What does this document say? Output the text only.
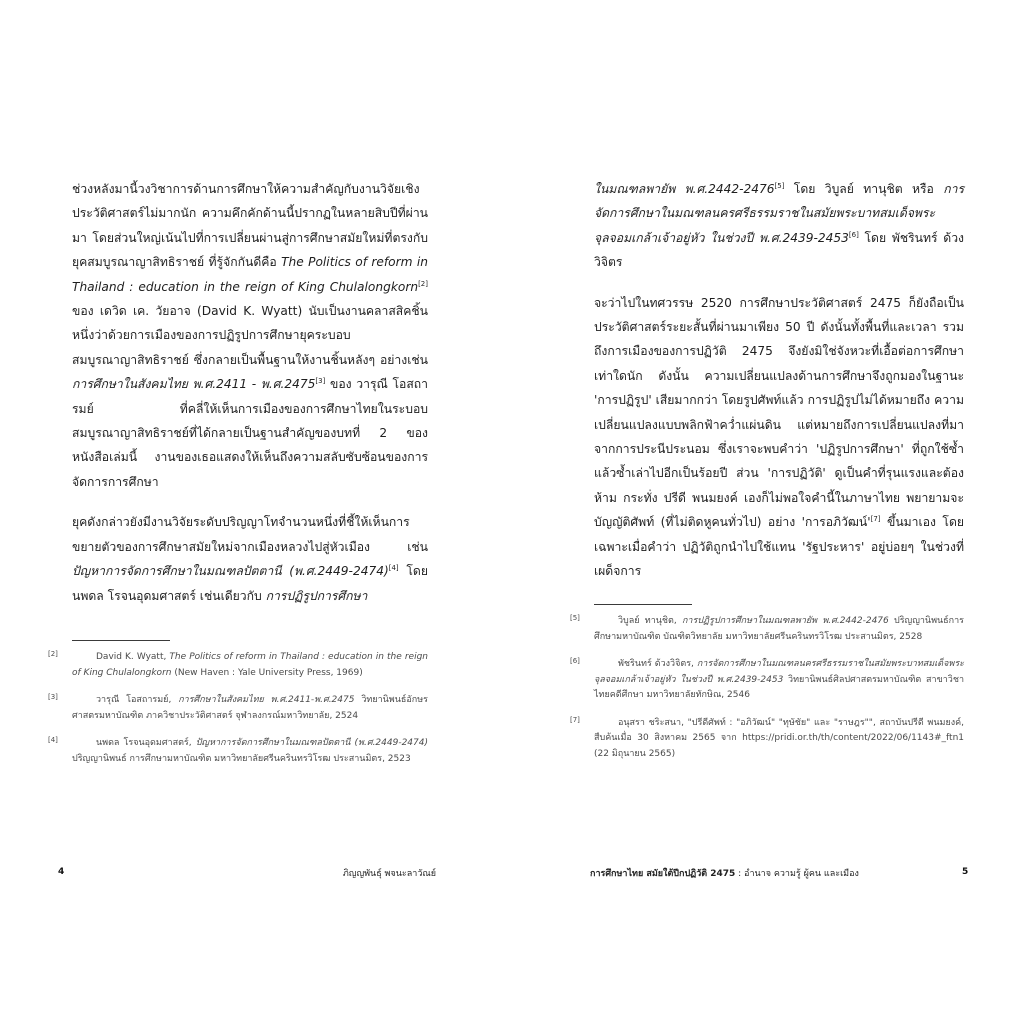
ช่วงหลังมานี้วงวิชาการด้านการศึกษาให้ความสำคัญกับงานวิจัยเชิงประวัติศาสตร์ไม่มากนัก ความคึกคักด้านนี้ปรากฏในหลายสิบปีที่ผ่านมา โดยส่วนใหญ่เน้นไปที่การเปลี่ยนผ่านสู่การศึกษาสมัยใหม่ที่ตรงกับยุคสมบูรณาญาสิทธิราชย์ ที่รู้จักกันดีคือ The Politics of reform in Thailand : education in the reign of King Chulalongkorn[2] ของ เดวิด เค. วัยอาจ (David K. Wyatt) นับเป็นงานคลาสสิคชิ้นหนึ่งว่าด้วยการเมืองของการปฏิรูปการศึกษายุคระบอบสมบูรณาญาสิทธิราชย์ ซึ่งกลายเป็นพื้นฐานให้งานชิ้นหลังๆ อย่างเช่น การศึกษาในสังคมไทย พ.ศ.2411 - พ.ศ.2475[3] ของ วารุณี โอสถารมย์ ที่คลี่ให้เห็นการเมืองของการศึกษาไทยในระบอบสมบูรณาญาสิทธิราชย์ที่ได้กลายเป็นฐานสำคัญของบทที่ 2 ของหนังสือเล่มนี้ งานของเธอแสดงให้เห็นถึงความสลับซับซ้อนของการจัดการการศึกษา

ยุคดังกล่าวยังมีงานวิจัยระดับปริญญาโทจำนวนหนึ่งที่ชี้ให้เห็นการขยายตัวของการศึกษาสมัยใหม่จากเมืองหลวงไปสู่หัวเมือง เช่น ปัญหาการจัดการศึกษาในมณฑลปัตตานี (พ.ศ.2449-2474)[4] โดย นพดล โรจนอุดมศาสตร์ เช่นเดียวกับ การปฏิรูปการศึกษา

[2]	David K. Wyatt, The Politics of reform in Thailand : education in the reign of King Chulalongkorn (New Haven : Yale University Press, 1969)
[3]	วารุณี โอสถารมย์, การศึกษาในสังคมไทย พ.ศ.2411-พ.ศ.2475 วิทยานิพนธ์อักษรศาสตรมหาบัณฑิต ภาควิชาประวัติศาสตร์ จุฬาลงกรณ์มหาวิทยาลัย, 2524
[4]	นพดล โรจนอุดมศาสตร์, ปัญหาการจัดการศึกษาในมณฑลปัตตานี (พ.ศ.2449-2474) ปริญญานิพนธ์ การศึกษามหาบัณฑิต มหาวิทยาลัยศรีนครินทรวิโรฒ ประสานมิตร, 2523
4	ภิญญพันธุ์ พจนะลาวัณย์

ในมณฑลพายัพ พ.ศ.2442-2476[5] โดย วิบูลย์ ทานุชิต หรือ การจัดการศึกษาในมณฑลนครศรีธรรมราชในสมัยพระบาทสมเด็จพระจุลจอมเกล้าเจ้าอยู่หัว ในช่วงปี พ.ศ.2439-2453[6] โดย พัชรินทร์ ด้วงวิจิตร

จะว่าไปในทศวรรษ 2520 การศึกษาประวัติศาสตร์ 2475 ก็ยังถือเป็นประวัติศาสตร์ระยะสั้นที่ผ่านมาเพียง 50 ปี ดังนั้นทั้งพื้นที่และเวลา รวมถึงการเมืองของการปฏิวัติ 2475 จึงยังมิใช่จังหวะที่เอื้อต่อการศึกษาเท่าใดนัก ดังนั้น ความเปลี่ยนแปลงด้านการศึกษาจึงถูกมองในฐานะ 'การปฏิรูป' เสียมากกว่า โดยรูปศัพท์แล้ว การปฏิรูปไม่ได้หมายถึง ความเปลี่ยนแปลงแบบพลิกฟ้าคว่ำแผ่นดิน แต่หมายถึงการเปลี่ยนแปลงที่มาจากการประนีประนอม ซึ่งเราจะพบคำว่า 'ปฏิรูปการศึกษา' ที่ถูกใช้ซ้ำแล้วซ้ำเล่าไปอีกเป็นร้อยปี ส่วน 'การปฏิวัติ' ดูเป็นคำที่รุนแรงและต้องห้าม กระทั่ง ปรีดี พนมยงค์ เองก็ไม่พอใจคำนี้ในภาษาไทย พยายามจะบัญญัติศัพท์ (ที่ไม่ติดหูคนทั่วไป) อย่าง 'การอภิวัฒน์'[7] ขึ้นมาเอง โดยเฉพาะเมื่อคำว่า ปฏิวัติถูกนำไปใช้แทน 'รัฐประหาร' อยู่บ่อยๆ ในช่วงที่เผด็จการ

[5]	วิบูลย์ ทานุชิต, การปฏิรูปการศึกษาในมณฑลพายัพ พ.ศ.2442-2476 ปริญญานิพนธ์การศึกษามหาบัณฑิต บัณฑิตวิทยาลัย มหาวิทยาลัยศรีนครินทรวิโรฒ ประสานมิตร, 2528
[6]	พัชรินทร์ ด้วงวิจิตร, การจัดการศึกษาในมณฑลนครศรีธรรมราชในสมัยพระบาทสมเด็จพระจุลจอมเกล้าเจ้าอยู่หัว ในช่วงปี พ.ศ.2439-2453 วิทยานิพนธ์ศิลปศาสตรมหาบัณฑิต สาขาวิชาไทยคดีศึกษา มหาวิทยาลัยทักษิณ, 2546
[7]	อนุสรา ชริะสนา, "ปรีดีศัพท์ : "อภิวัฒน์" "ทุษัชัย" และ "ราษฎร"", สถาบันปรีดี พนมยงค์, สืบค้นเมื่อ 30 สิงหาคม 2565 จาก https://pridi.or.th/th/content/2022/06/1143#_ftn1 (22 มิถุนายน 2565)
การศึกษาไทย สมัยใต้ปีกปฏิวัติ 2475 : อำนาจ ความรู้ ผู้คน และเมือง	5
